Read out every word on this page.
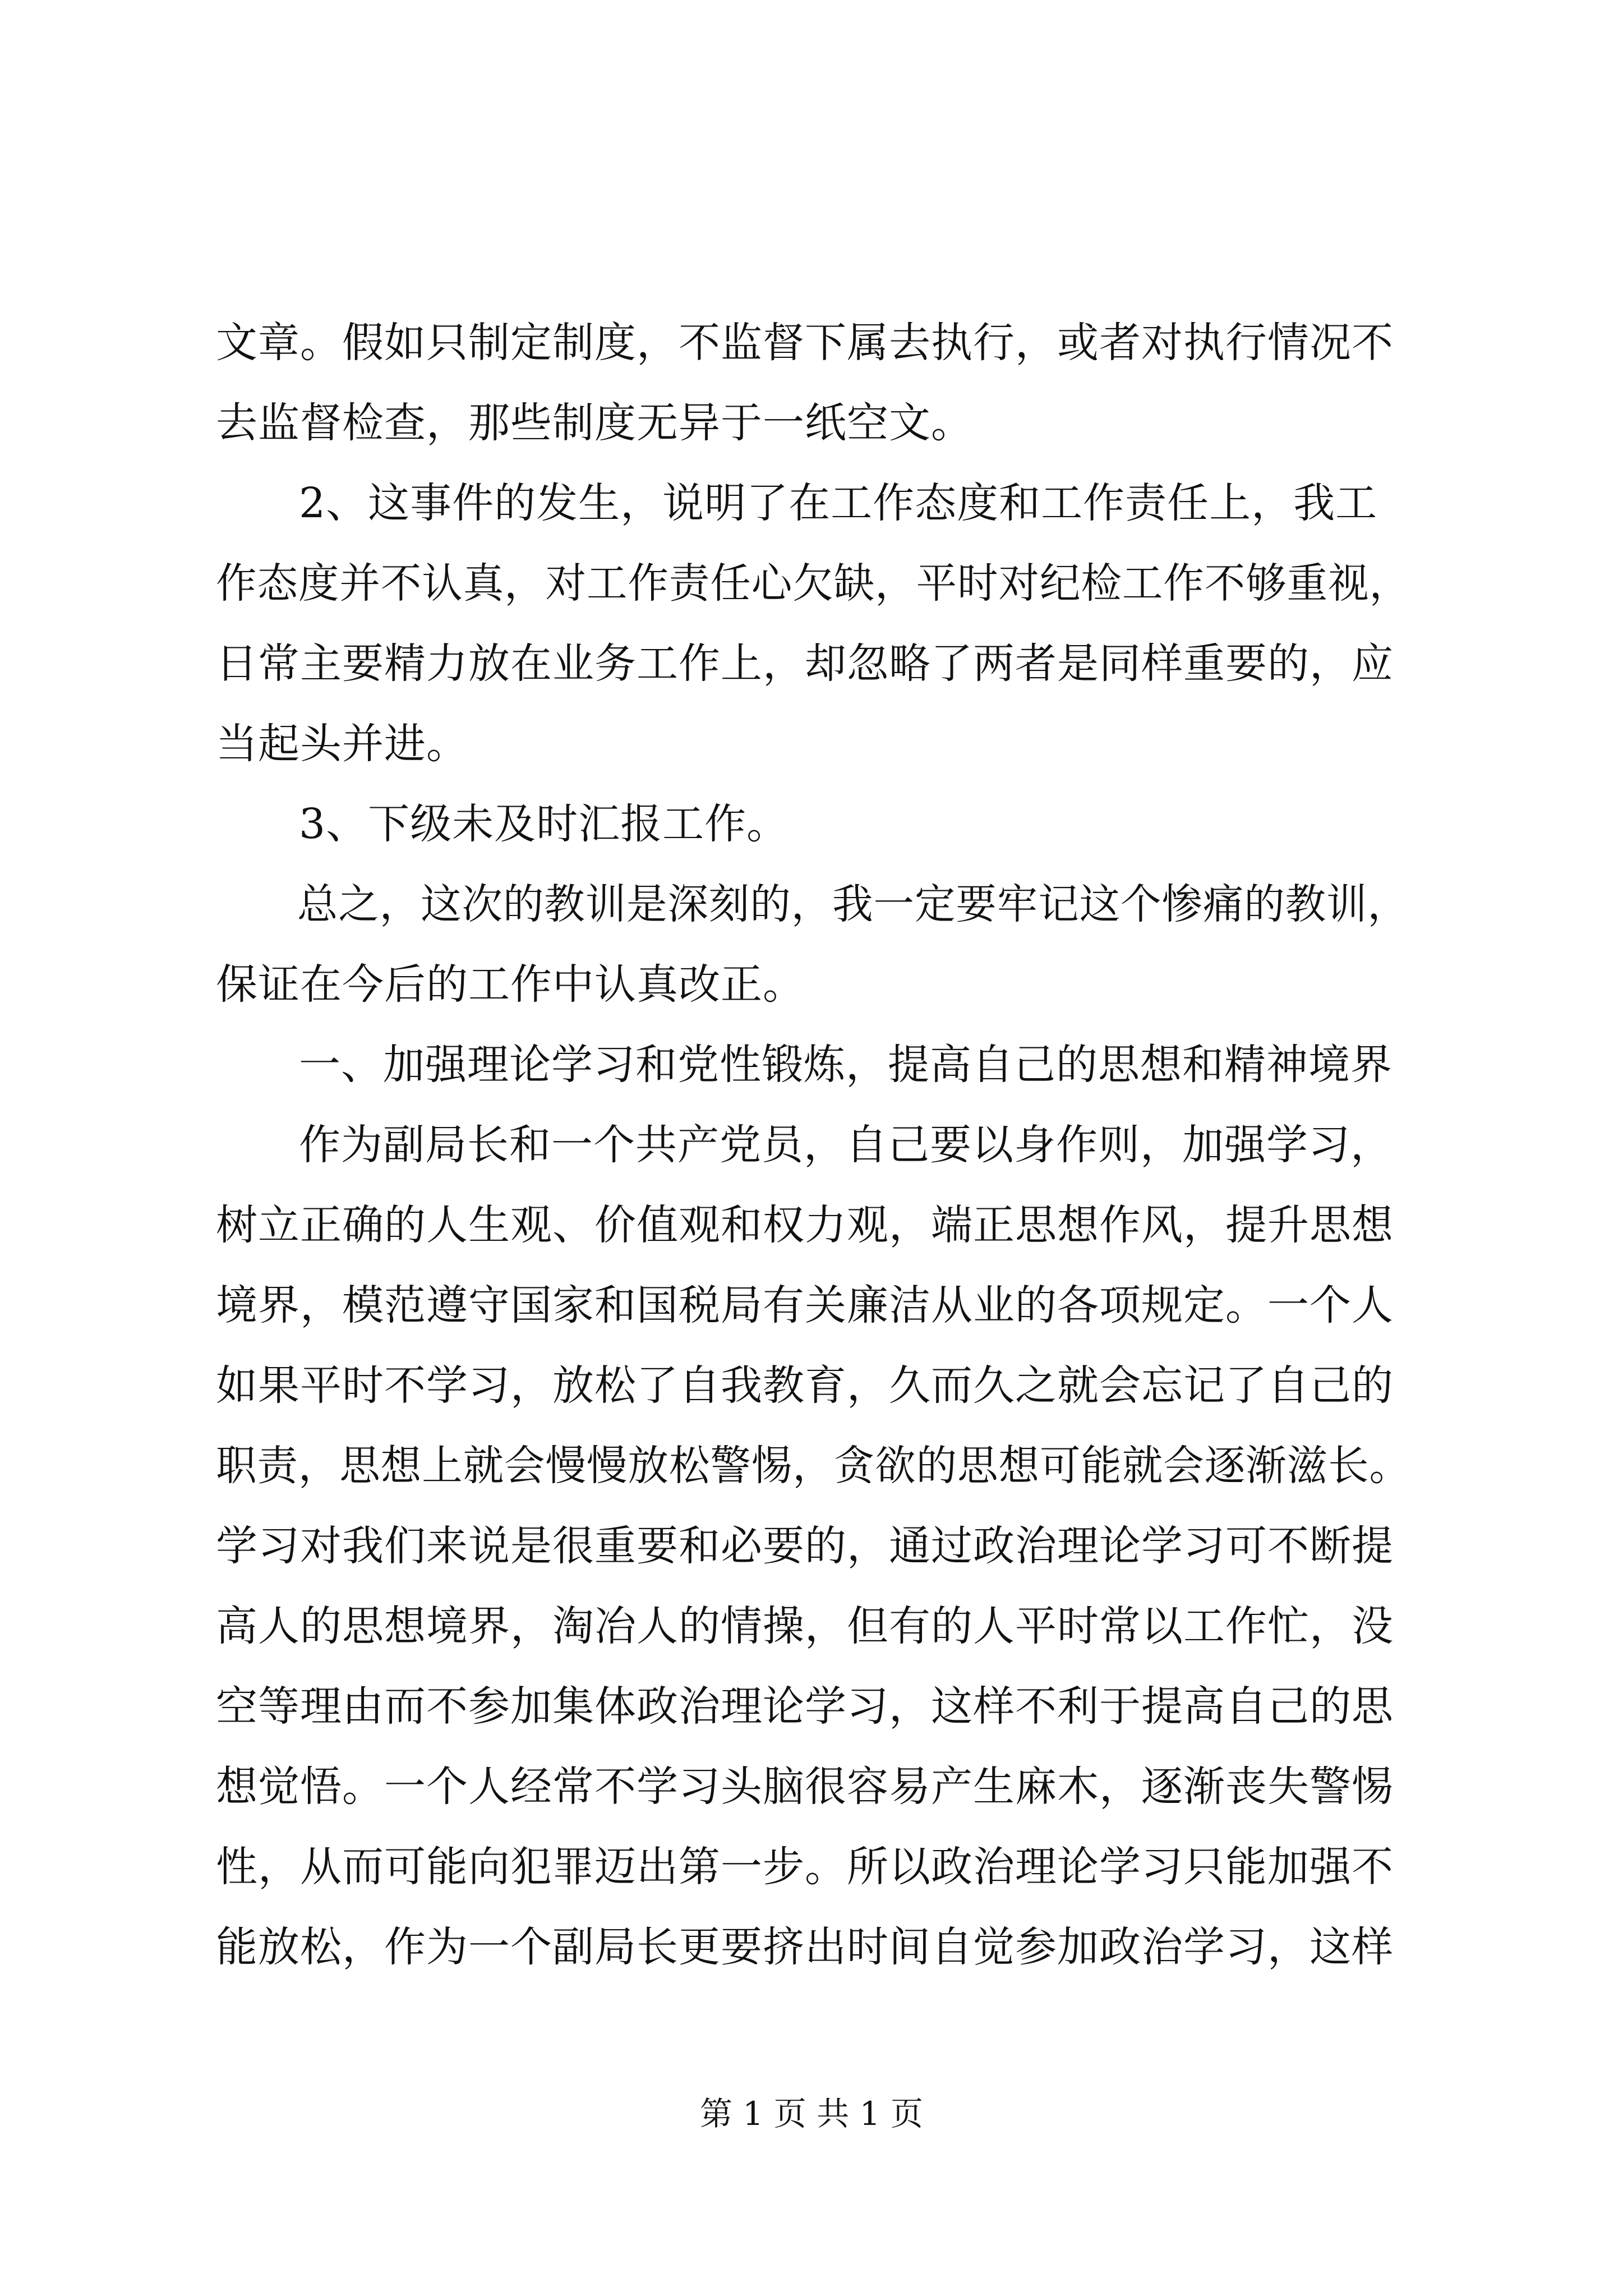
文章。假如只制定制度，不监督下属去执行，或者对执行情况不
去监督检查，那些制度无异于一纸空文。
2、这事件的发生，说明了在工作态度和工作责任上，我工
作态度并不认真，对工作责任心欠缺，平时对纪检工作不够重视，
日常主要精力放在业务工作上，却忽略了两者是同样重要的，应
当起头并进。
3、下级未及时汇报工作。
总之，这次的教训是深刻的，我一定要牢记这个惨痛的教训，
保证在今后的工作中认真改正。
一、加强理论学习和党性锻炼，提高自己的思想和精神境界
作为副局长和一个共产党员，自己要以身作则，加强学习，
树立正确的人生观、价值观和权力观，端正思想作风，提升思想
境界，模范遵守国家和国税局有关廉洁从业的各项规定。一个人
如果平时不学习，放松了自我教育，久而久之就会忘记了自己的
职责，思想上就会慢慢放松警惕，贪欲的思想可能就会逐渐滋长。
学习对我们来说是很重要和必要的，通过政治理论学习可不断提
高人的思想境界，淘冶人的情操，但有的人平时常以工作忙，没
空等理由而不参加集体政治理论学习，这样不利于提高自己的思
想觉悟。一个人经常不学习头脑很容易产生麻木，逐渐丧失警惕
性，从而可能向犯罪迈出第一步。所以政治理论学习只能加强不
能放松，作为一个副局长更要挤出时间自觉参加政治学习，这样
第 1 页 共 1 页
